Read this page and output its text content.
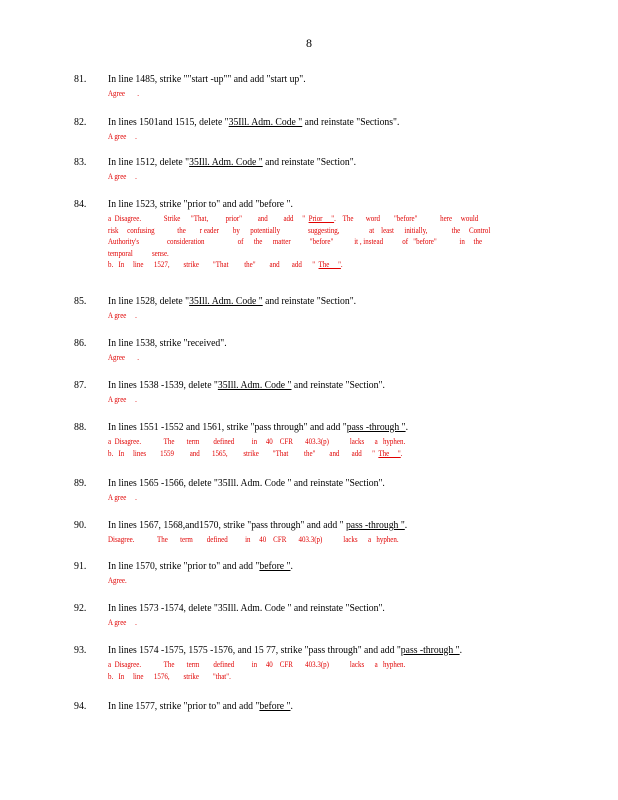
8
81. In line 1485, strike ""start -up"" and add "start up".
Agree       .
82. In lines 1501and 1515, delete "35Ill. Adm. Code " and reinstate "Sections".
A gree     .
83. In line 1512, delete "35Ill. Adm. Code " and reinstate "Section".
A gree     .
84. In line 1523, strike "prior to" and add "before ".
a  Disagree.             Strike      "That,          prior"         and         add     "  Prior     ".    The       word        "before"             here     would
risk     confusing             the        r eader        by      potentially                suggesting,                 at    least      initially,              the     Control
Authority's                consideration                   of      the      matter           "before"            it , instead           of   "before"             in     the
temporal           sense.
b.   In     line      1527,        strike        "That         the"        and       add      "  The     ".
85. In line 1528, delete "35Ill. Adm. Code " and reinstate "Section".
A gree     .
86. In line 1538, strike "received".
Agree       .
87. In lines 1538 -1539, delete "35Ill. Adm. Code " and reinstate "Section".
A gree     .
88. In lines 1551 -1552 and 1561, strike "pass through" and add "pass -through ".
a  Disagree.             The       term        defined          in     40    CFR       403.3(p)            lacks      a   hyphen.
b.   In     lines        1559         and       1565,         strike        "That         the"        and       add      "  The     ".
89. In lines 1565 -1566, delete "35Ill. Adm. Code " and reinstate "Section".
A gree     .
90. In lines 1567, 1568,and1570, strike "pass through" and add " pass -through ".
Disagree.             The       term        defined          in     40    CFR       403.3(p)            lacks      a   hyphen.
91. In line 1570, strike "prior to" and add "before ".
Agree.
92. In lines 1573 -1574, delete "35Ill. Adm. Code " and reinstate "Section".
A gree     .
93. In lines 1574 -1575, 1575 -1576, and 15 77, strike "pass through" and add "pass -through ".
a  Disagree.             The       term        defined          in     40    CFR       403.3(p)            lacks      a   hyphen.
b.   In     line      1576,        strike        "that".
94. In line 1577, strike "prior to" and add "before ".
